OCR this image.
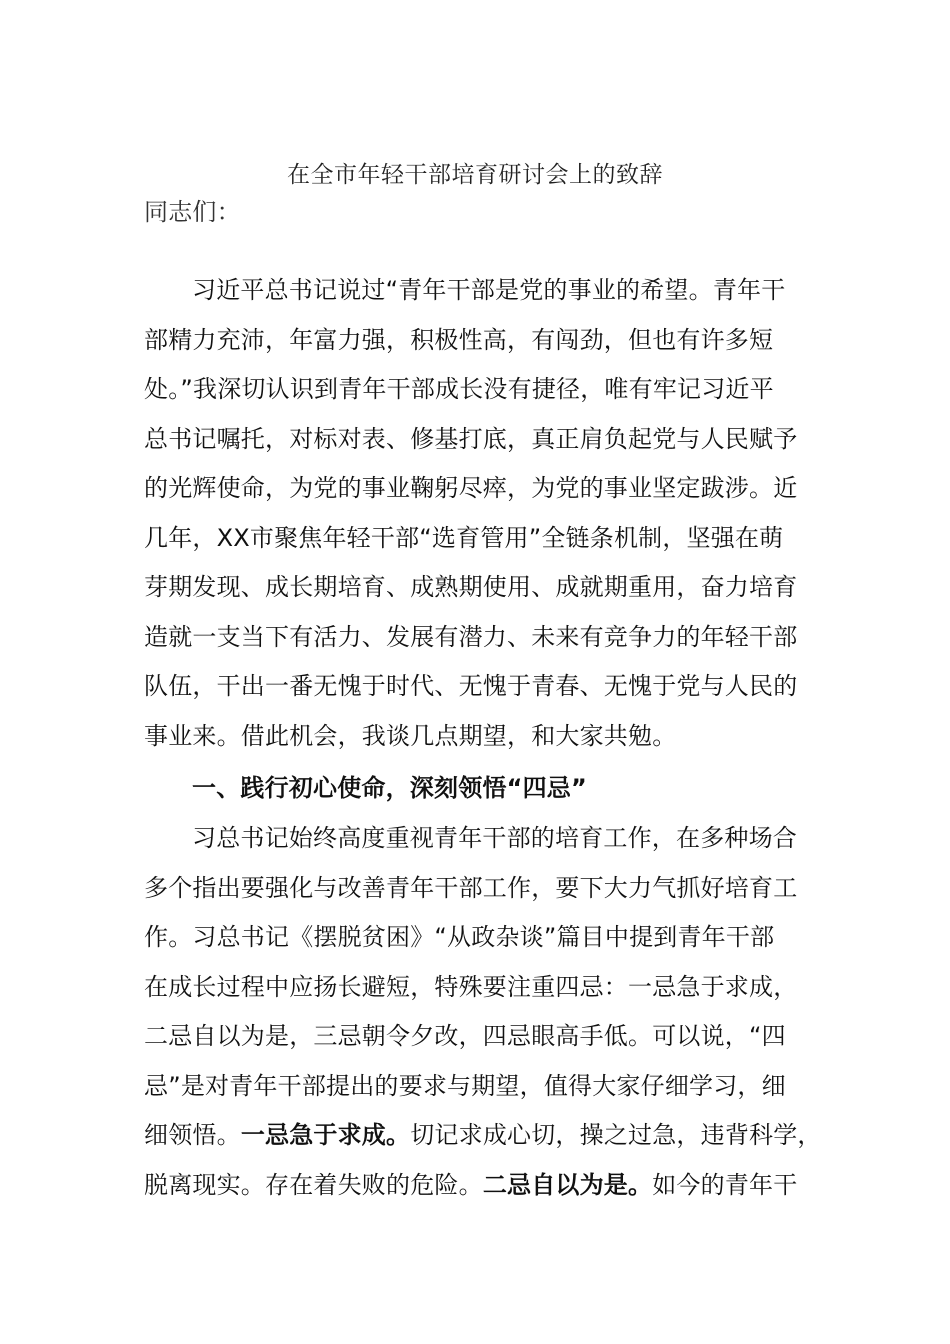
在全市年轻干部培育研讨会上的致辞

同志们：

习近平总书记说过“青年干部是党的事业的希望。青年干
部精力充沛，年富力强，积极性高，有闯劲，但也有许多短
处。”我深切认识到青年干部成长没有捷径，唯有牢记习近平
总书记嘱托，对标对表、修基打底，真正肩负起党与人民赋予
的光辉使命，为党的事业鞠躬尽瘁，为党的事业坚定跋涉。近
几年，XX市聚焦年轻干部“选育管用”全链条机制，坚强在萌
芽期发现、成长期培育、成熟期使用、成就期重用，奋力培育
造就一支当下有活力、发展有潜力、未来有竞争力的年轻干部
队伍，干出一番无愧于时代、无愧于青春、无愧于党与人民的
事业来。借此机会，我谈几点期望，和大家共勉。

一、践行初心使命，深刻领悟“四忌”

习总书记始终高度重视青年干部的培育工作，在多种场合
多个指出要强化与改善青年干部工作，要下大力气抓好培育工
作。习总书记《摆脱贫困》“从政杂谈”篇目中提到青年干部
在成长过程中应扬长避短，特殊要注重四忌：一忌急于求成，
二忌自以为是，三忌朝令夕改，四忌眼高手低。可以说，“四
忌”是对青年干部提出的要求与期望，值得大家仔细学习，细
细领悟。一忌急于求成。切记求成心切，操之过急，违背科学，
脱离现实。存在着失败的危险。二忌自以为是。如今的青年干
